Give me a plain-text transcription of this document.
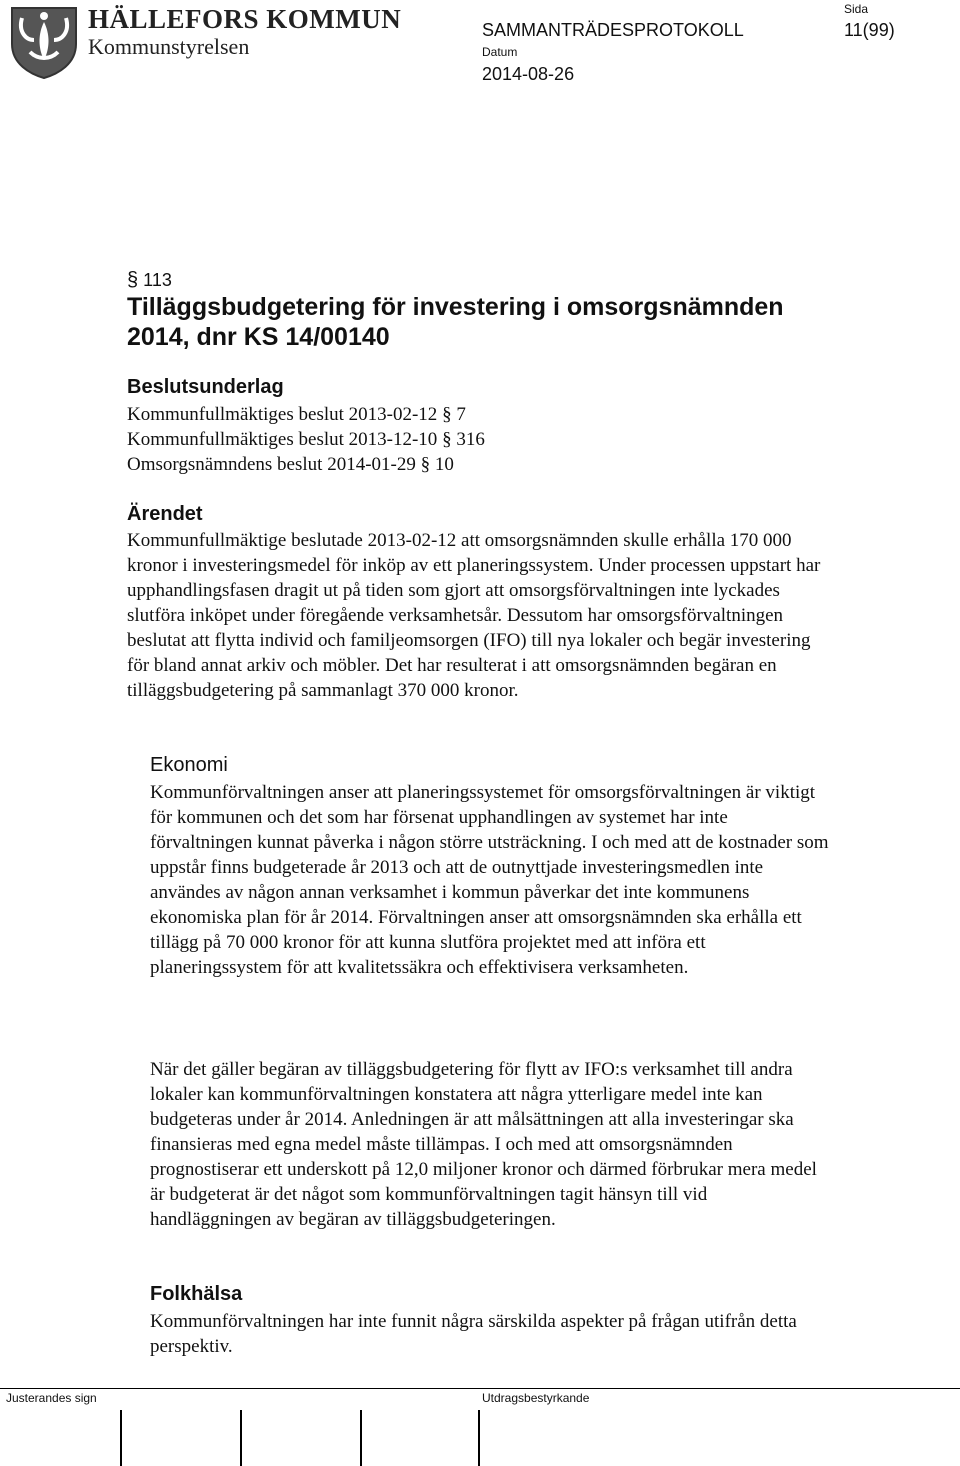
HÄLLEFORS KOMMUN
Kommunstyrelsen
SAMMANTRÄDESPROTOKOLL
Sida
11(99)
Datum
2014-08-26
§ 113
Tilläggsbudgetering för investering i omsorgsnämnden 2014, dnr KS 14/00140
Beslutsunderlag
Kommunfullmäktiges beslut 2013-02-12 § 7
Kommunfullmäktiges beslut 2013-12-10 § 316
Omsorgsnämndens beslut 2014-01-29 § 10
Ärendet
Kommunfullmäktige beslutade 2013-02-12 att omsorgsnämnden skulle erhålla 170 000 kronor i investeringsmedel för inköp av ett planeringssystem. Under processen uppstart har upphandlingsfasen dragit ut på tiden som gjort att omsorgsförvaltningen inte lyckades slutföra inköpet under föregående verksamhetsår. Dessutom har omsorgsförvaltningen beslutat att flytta individ och familjeomsorgen (IFO) till nya lokaler och begär investering för bland annat arkiv och möbler. Det har resulterat i att omsorgsnämnden begäran en tilläggsbudgetering på sammanlagt 370 000 kronor.
Ekonomi
Kommunförvaltningen anser att planeringssystemet för omsorgsförvaltningen är viktigt för kommunen och det som har försenat upphandlingen av systemet har inte förvaltningen kunnat påverka i någon större utsträckning. I och med att de kostnader som uppstår finns budgeterade år 2013 och att de outnyttjade investeringsmedlen inte användes av någon annan verksamhet i kommun påverkar det inte kommunens ekonomiska plan för år 2014. Förvaltningen anser att omsorgsnämnden ska erhålla ett tillägg på 70 000 kronor för att kunna slutföra projektet med att införa ett planeringssystem för att kvalitetssäkra och effektivisera verksamheten.
När det gäller begäran av tilläggsbudgetering för flytt av IFO:s verksamhet till andra lokaler kan kommunförvaltningen konstatera att några ytterligare medel inte kan budgeteras under år 2014. Anledningen är att målsättningen att alla investeringar ska finansieras med egna medel måste tillämpas. I och med att omsorgsnämnden prognostiserar ett underskott på 12,0 miljoner kronor och därmed förbrukar mera medel är budgeterat är det något som kommunförvaltningen tagit hänsyn till vid handläggningen av begäran av tilläggsbudgeteringen.
Folkhälsa
Kommunförvaltningen har inte funnit några särskilda aspekter på frågan utifrån detta perspektiv.
Justerandes sign	Utdragsbestyrkande
